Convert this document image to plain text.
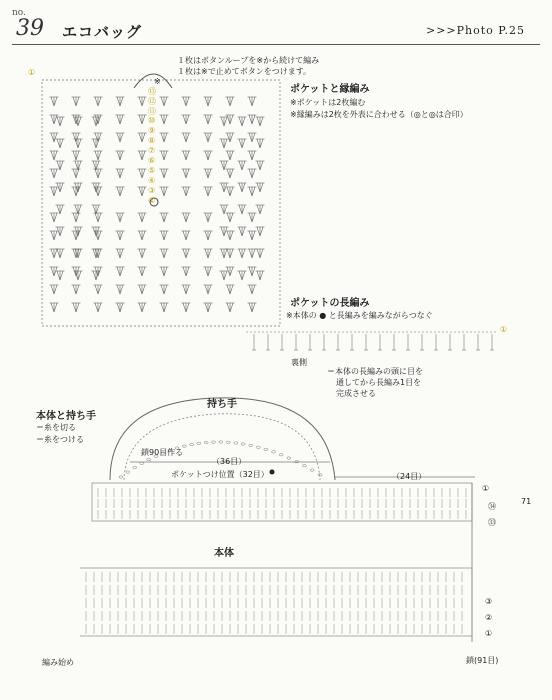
no.
39 エコバッグ	>>>Photo P.25
１枚はボタンループを※から続けて編み
１枚は※で止めてボタンをつけます。
※
①
⑬
⑫
⑪
⑩
⑨
⑧
⑦
⑥
⑤
④
③
②
ポケットと縁編み
※ポケットは2枚編む
※縁編みは2枚を外表に合わせる（◎と◎は合印）
ポケットの長編み
※本体の ● と長編みを編みながらつなぐ
①
裏側
＝本体の長編みの頭に目を
通してから長編み1目を
完成させる
本体と持ち手
＝糸を切る
＝糸をつける
持ち手
鎖90目作る
（36目）
ポケットつけ位置（32目）	（24目）
①
㉞
㉝
本体
③
②
①
編み始め	鎖(91目)
71
